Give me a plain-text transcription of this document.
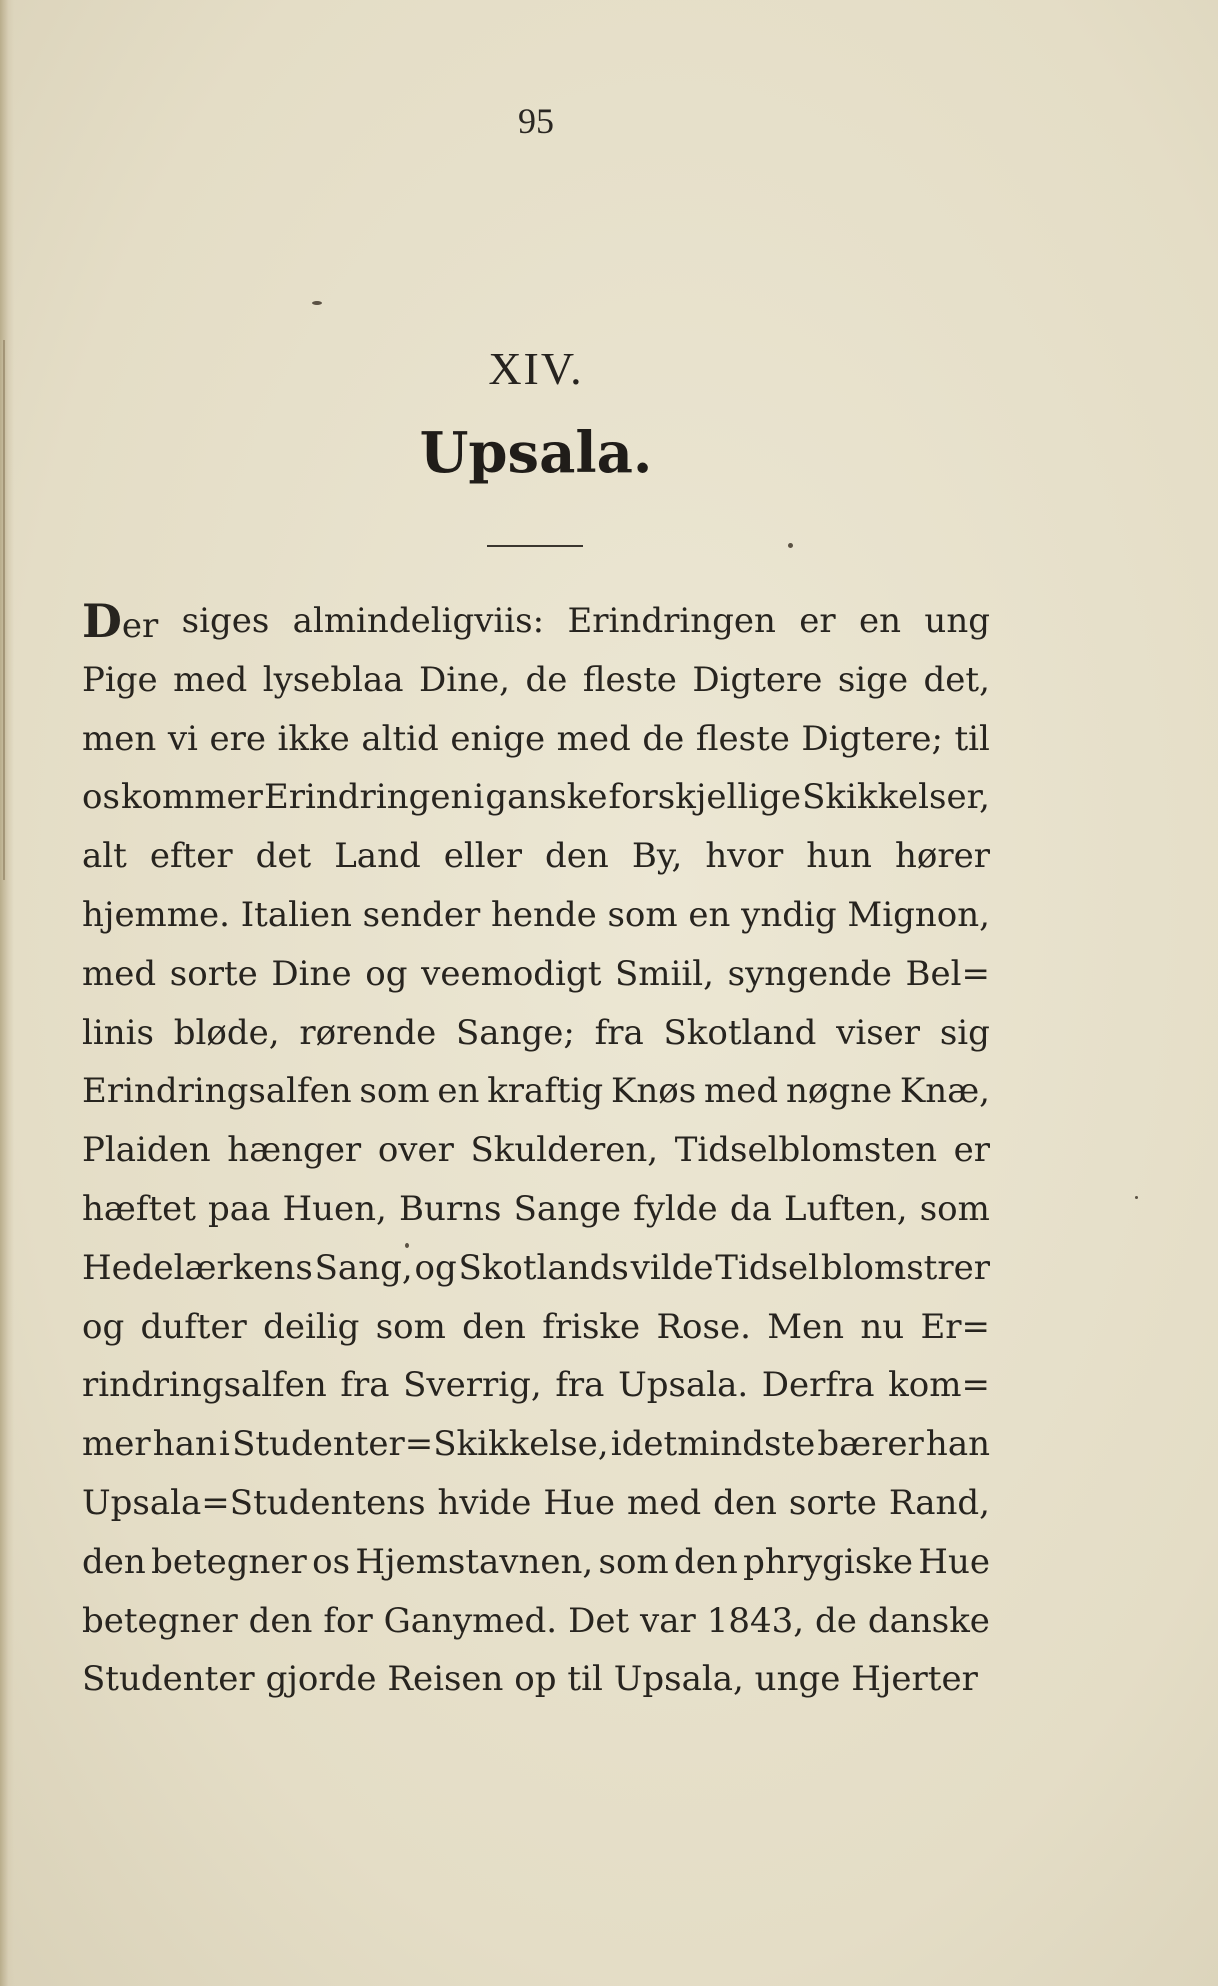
95
XIV.
Upsala.
Der siges almindeligviis: Erindringen er en ung
Pige med lyseblaa Dine, de fleste Digtere sige det,
men vi ere ikke altid enige med de fleste Digtere; til
os kommer Erindringen i ganske forskjellige Skikkelser,
alt efter det Land eller den By, hvor hun hører
hjemme. Italien sender hende som en yndig Mignon,
med sorte Dine og veemodigt Smiil, syngende Bel=
linis bløde, rørende Sange; fra Skotland viser sig
Erindringsalfen som en kraftig Knøs med nøgne Knæ,
Plaiden hænger over Skulderen, Tidselblomsten er
hæftet paa Huen, Burns Sange fylde da Luften, som
Hedelærkens Sang, og Skotlands vilde Tidsel blomstrer
og dufter deilig som den friske Rose. Men nu Er=
rindringsalfen fra Sverrig, fra Upsala. Derfra kom=
mer han i Studenter=Skikkelse, idetmindste bærer han
Upsala=Studentens hvide Hue med den sorte Rand,
den betegner os Hjemstavnen, som den phrygiske Hue
betegner den for Ganymed. Det var 1843, de danske
Studenter gjorde Reisen op til Upsala, unge Hjerter
